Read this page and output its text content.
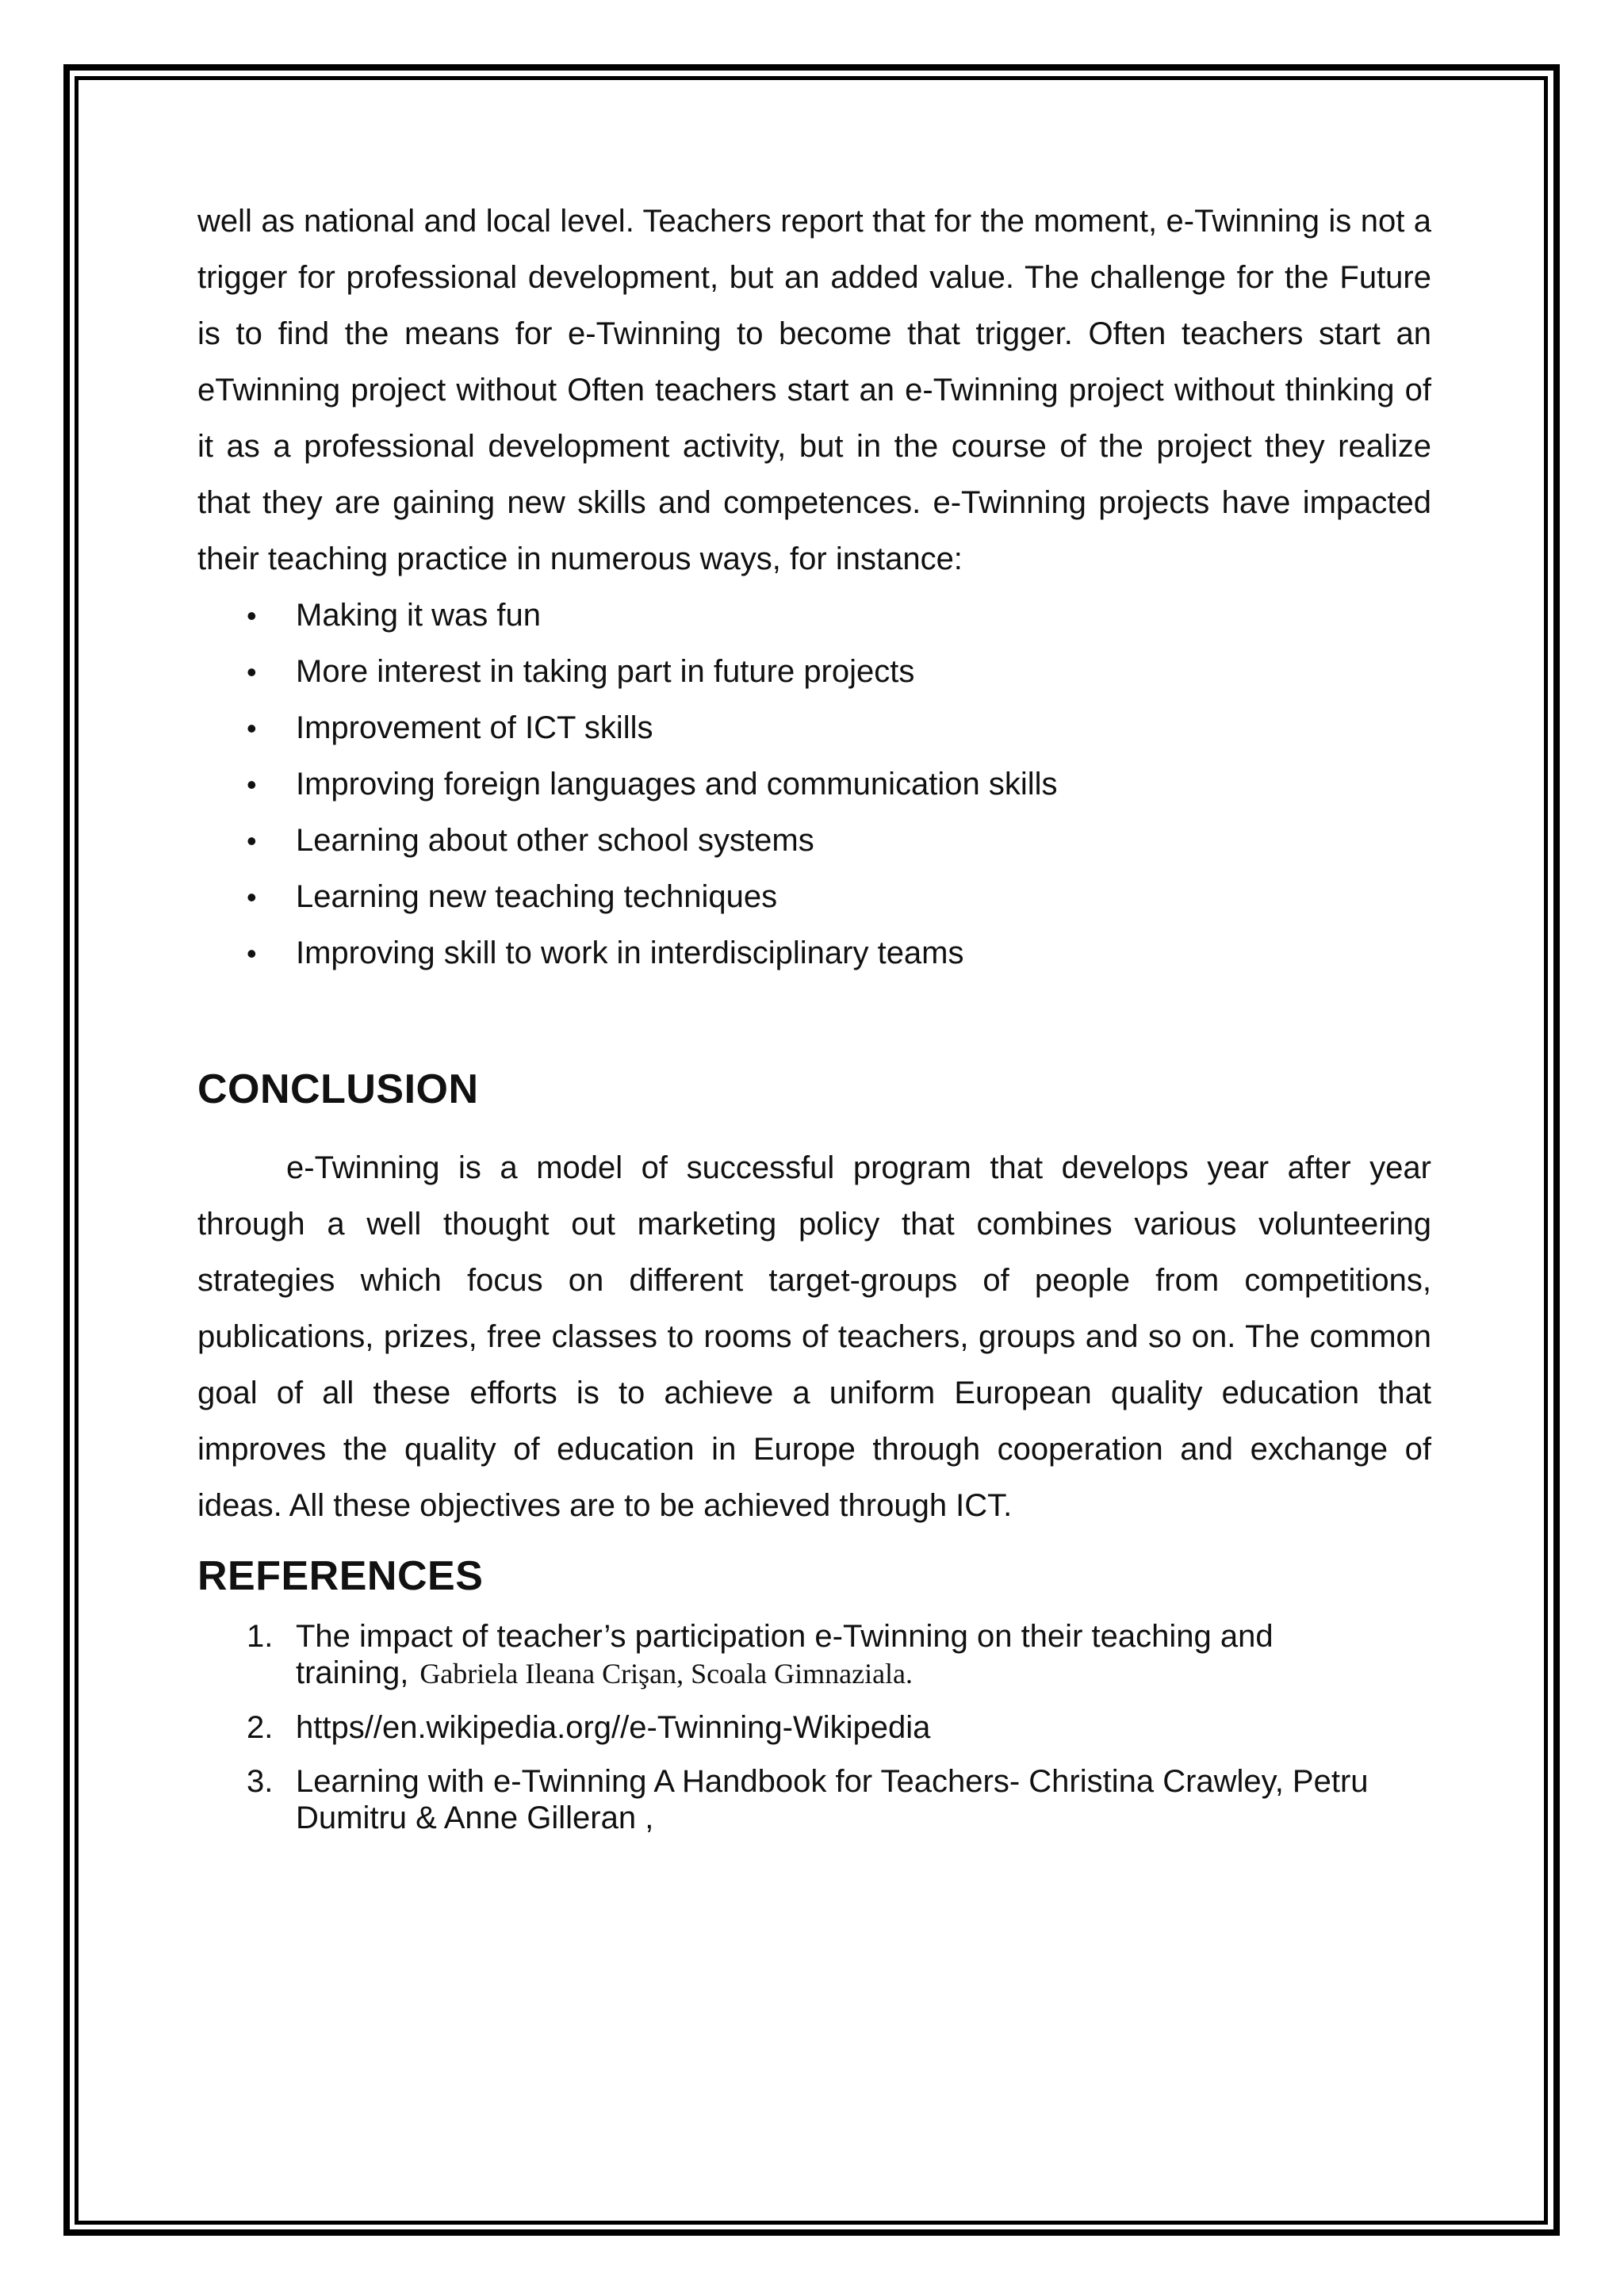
well as national and local level. Teachers report that for the moment, e-Twinning is not a trigger for professional development, but an added value. The challenge for the Future is to find the means for e-Twinning to become that trigger. Often teachers start an eTwinning project without Often teachers start an e-Twinning project without thinking of it as a professional development activity, but in the course of the project they realize that they are gaining new skills and competences. e-Twinning projects have impacted their teaching practice in numerous ways, for instance:

• Making it was fun
• More interest in taking part in future projects
• Improvement of ICT skills
• Improving foreign languages and communication skills
• Learning about other school systems
• Learning new teaching techniques
• Improving skill to work in interdisciplinary teams
CONCLUSION

e-Twinning is a model of successful program that develops year after year through a well thought out marketing policy that combines various volunteering strategies which focus on different target-groups of people from competitions, publications, prizes, free classes to rooms of teachers, groups and so on. The common goal of all these efforts is to achieve a uniform European quality education that improves the quality of education in Europe through cooperation and exchange of ideas. All these objectives are to be achieved through ICT.

REFERENCES
1. The impact of teacher’s participation e-Twinning on their teaching and training, Gabriela Ileana Crişan, Scoala Gimnaziala.
2. https//en.wikipedia.org//e-Twinning-Wikipedia
3. Learning with e-Twinning A Handbook for Teachers- Christina Crawley, Petru Dumitru & Anne Gilleran ,
